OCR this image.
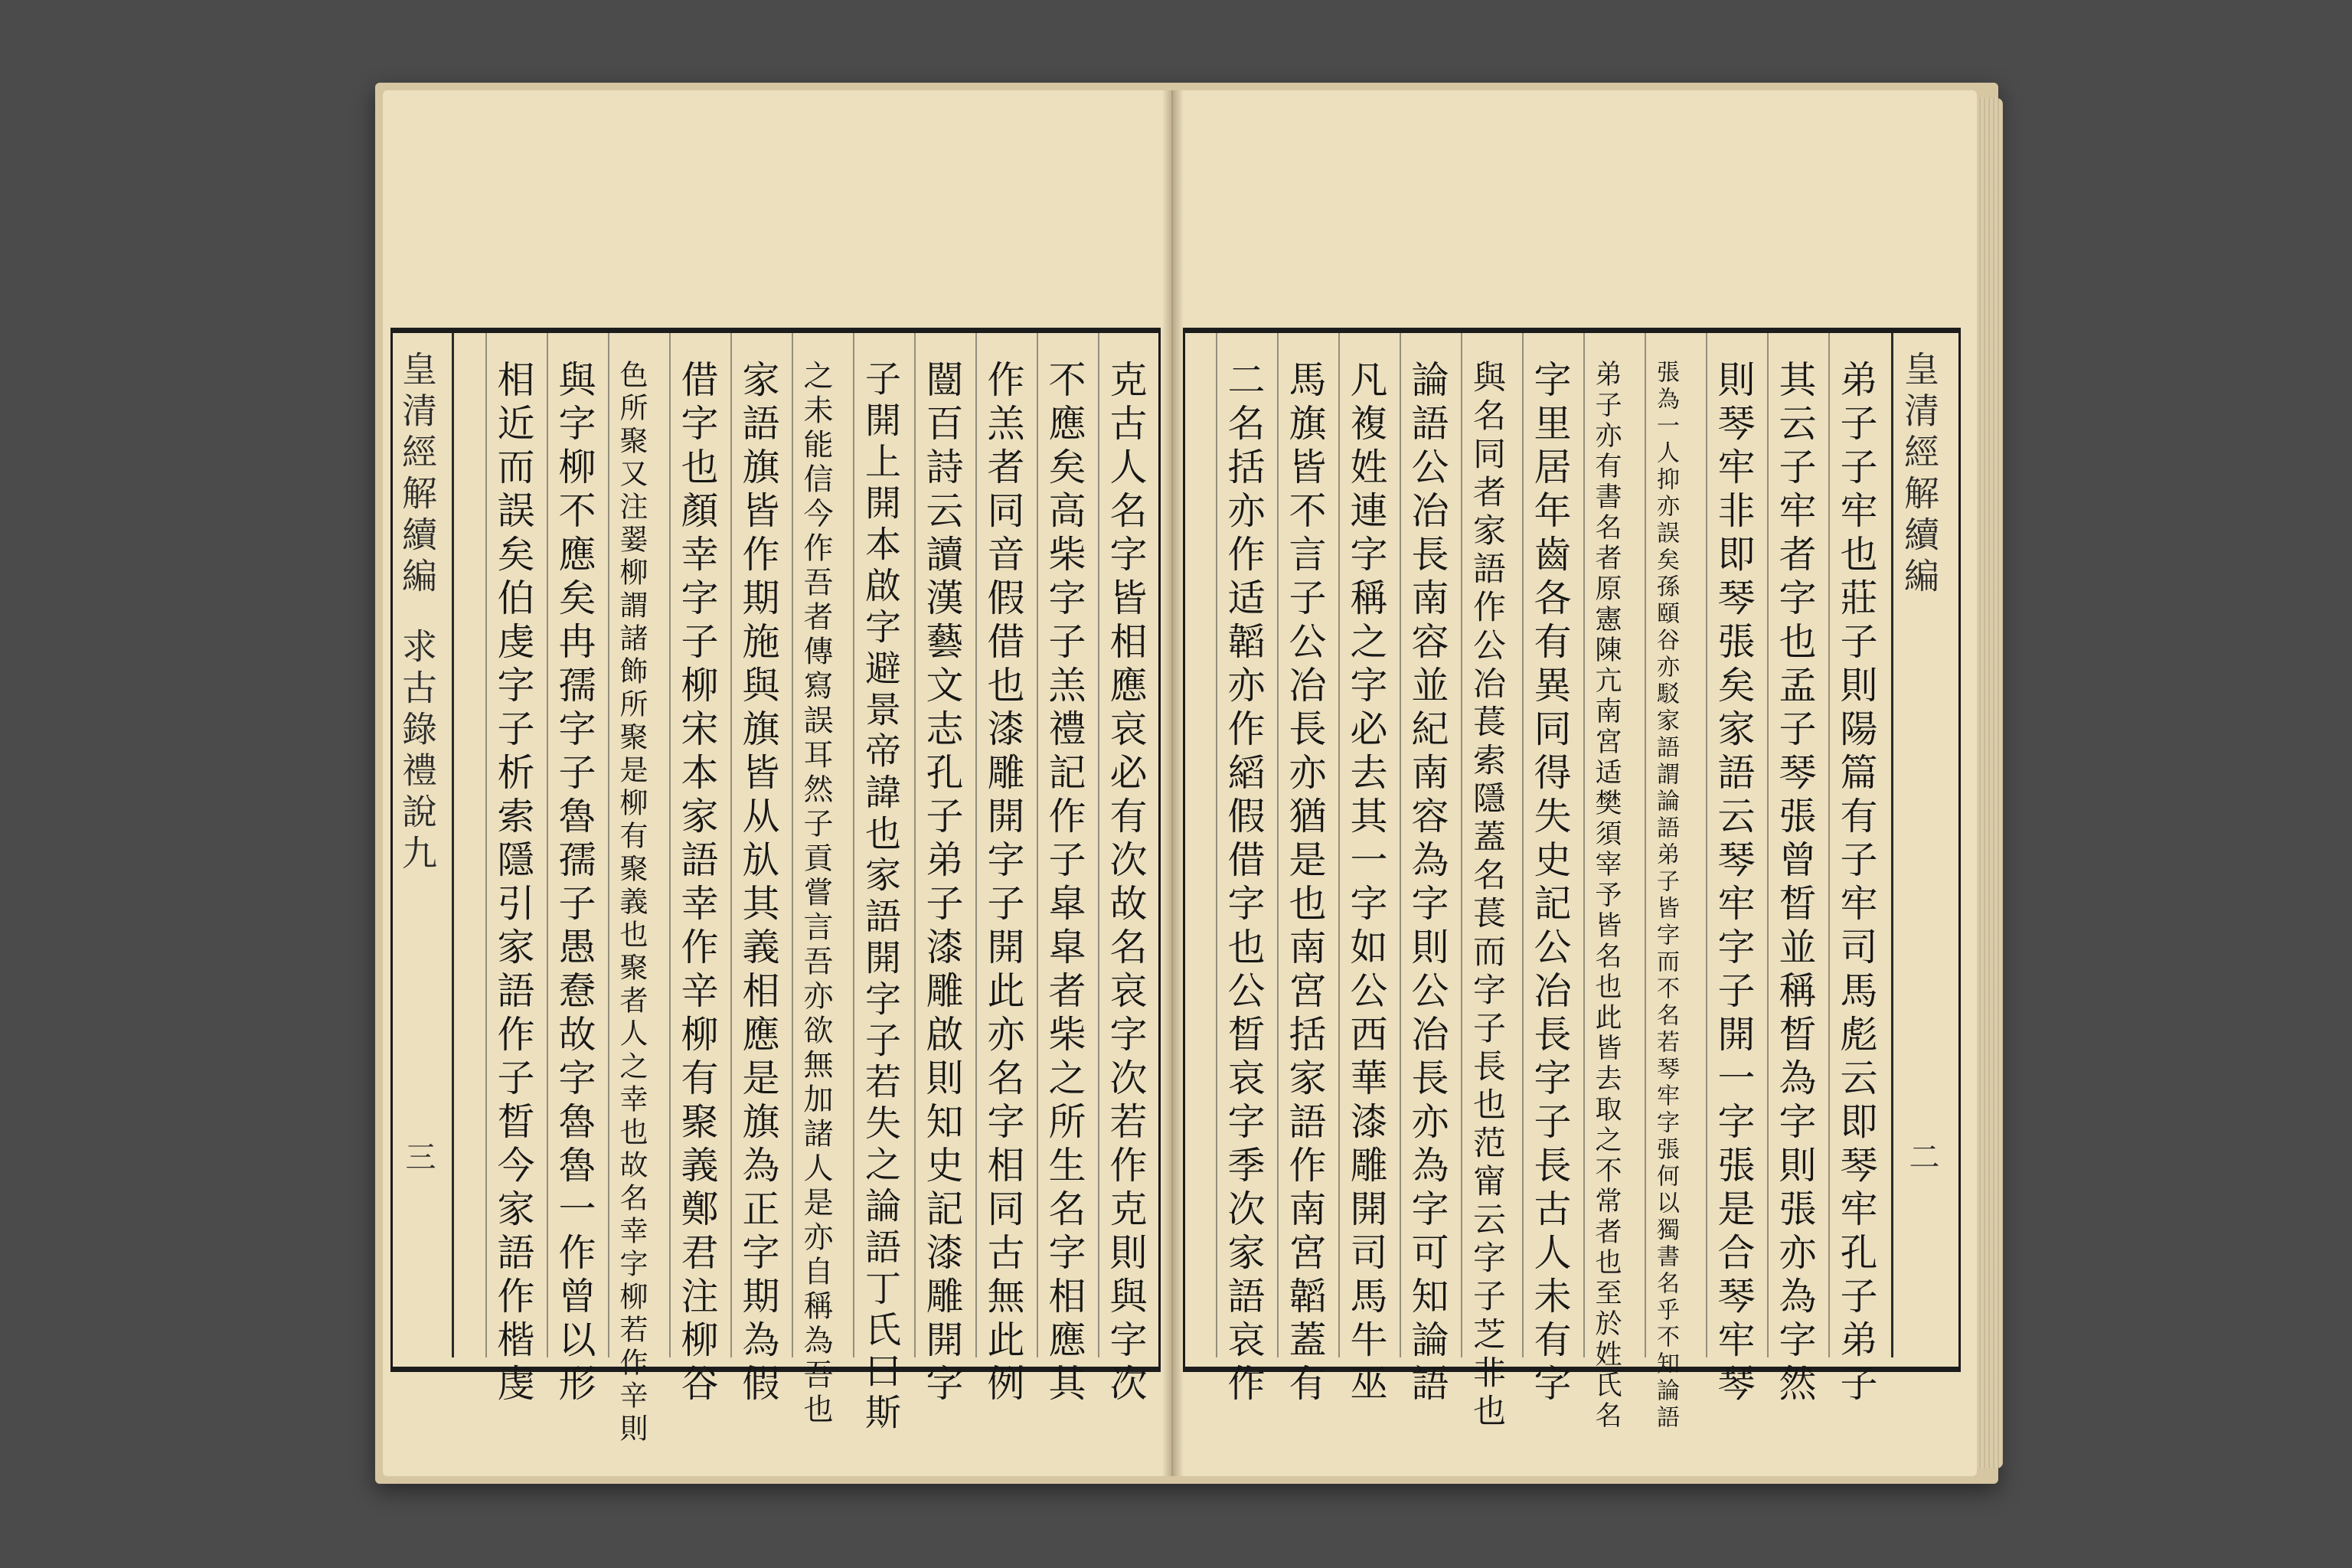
皇清經解續編
求古錄禮說九
三	克古人名字皆相應哀必有次故名哀字次若作克則與字次
不應矣高柴字子羔禮記作子皐皐者柴之所生名字相應其
作羔者同音假借也漆雕開字子開此亦名字相同古無此例
闓百詩云讀漢藝文志孔子弟子漆雕啟則知史記漆雕開字
子開上開本啟字避景帝諱也家語開字子若失之論語丁氏曰斯
之未能信今作吾者傳寫誤耳然子貢嘗言吾亦欲無加諸人是亦自稱為吾也
家語旗皆作期施與旗皆从㫃其義相應是旗為正字期為假
借字也顏幸字子柳宋本家語幸作辛柳有聚義鄭君注柳谷
色所聚又注翣柳謂諸飾所聚是柳有聚義也聚者人之幸也故名幸字柳若作辛則
與字柳不應矣冉孺字子魯孺子愚憃故字魯魯一作曾以形
相近而誤矣伯虔字子析索隱引家語作子晳今家語作楷虔	皇清經解續編
二
弟子子牢也莊子則陽篇有子牢司馬彪云即琴牢孔子弟子
其云子牢者字也孟子琴張曾晳並稱晳為字則張亦為字然
則琴牢非即琴張矣家語云琴牢字子開一字張是合琴牢琴
張為一人抑亦誤矣孫頤谷亦駁家語謂論語弟子皆字而不名若琴牢字張何以獨書名乎不知論語
弟子亦有書名者原憲陳亢南宮适樊須宰予皆名也此皆去取之不常者也至於姓氏名
字里居年齒各有異同得失史記公冶長字子長古人未有字
與名同者家語作公冶萇索隱蓋名萇而字子長也范甯云字子芝非也
論語公冶長南容並紀南容為字則公冶長亦為字可知論語
凡複姓連字稱之字必去其一字如公西華漆雕開司馬牛巫
馬旗皆不言子公冶長亦猶是也南宮括家語作南宮韜蓋有
二名括亦作适韜亦作縚假借字也公晳哀字季次家語哀作
